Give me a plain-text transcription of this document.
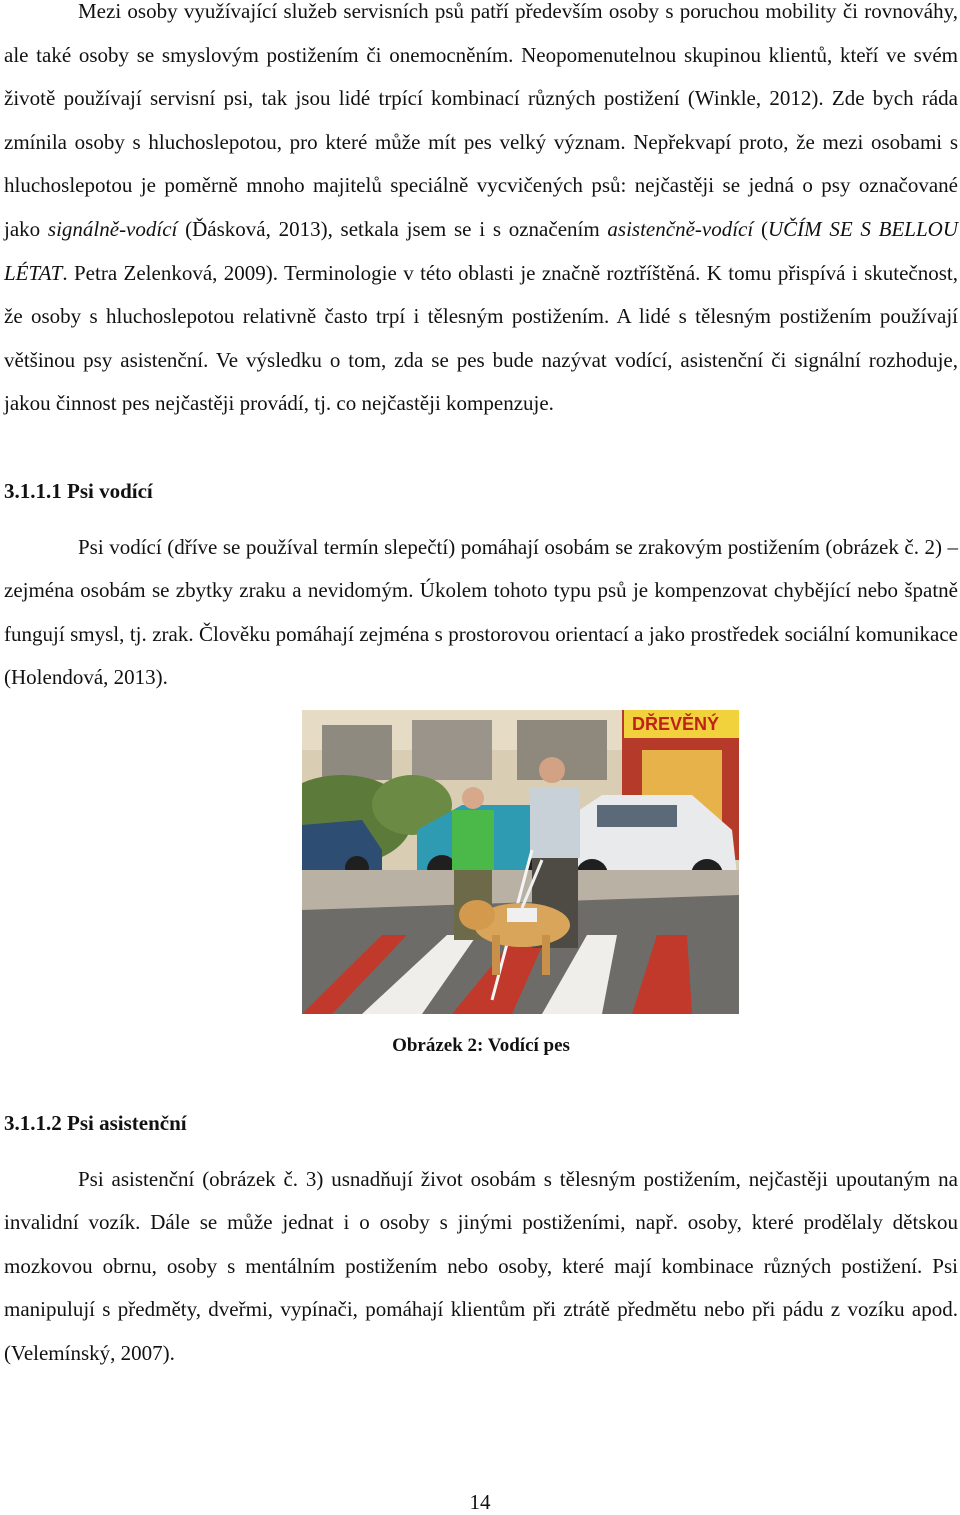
Mezi osoby využívající služeb servisních psů patří především osoby s poruchou mobility či rovnováhy, ale také osoby se smyslovým postižením či onemocněním. Neopomenutelnou skupinou klientů, kteří ve svém životě používají servisní psi, tak jsou lidé trpící kombinací různých postižení (Winkle, 2012). Zde bych ráda zmínila osoby s hluchoslepotou, pro které může mít pes velký význam. Nepřekvapí proto, že mezi osobami s hluchoslepotou je poměrně mnoho majitelů speciálně vycvičených psů: nejčastěji se jedná o psy označované jako signálně-vodící (Ďásková, 2013), setkala jsem se i s označením asistenčně-vodící (UČÍM SE S BELLOU LÉTAT. Petra Zelenková, 2009). Terminologie v této oblasti je značně roztříštěná. K tomu přispívá i skutečnost, že osoby s hluchoslepotou relativně často trpí i tělesným postižením. A lidé s tělesným postižením používají většinou psy asistenční. Ve výsledku o tom, zda se pes bude nazývat vodící, asistenční či signální rozhoduje, jakou činnost pes nejčastěji provádí, tj. co nejčastěji kompenzuje.

3.1.1.1 Psi vodící

Psi vodící (dříve se používal termín slepečtí) pomáhají osobám se zrakovým postižením (obrázek č. 2) – zejména osobám se zbytky zraku a nevidomým. Úkolem tohoto typu psů je kompenzovat chybějící nebo špatně fungují smysl, tj. zrak. Člověku pomáhají zejména s prostorovou orientací a jako prostředek sociální komunikace (Holendová, 2013).

DŘEVĚNÝ

Obrázek 2: Vodící pes

3.1.1.2 Psi asistenční

Psi asistenční (obrázek č. 3) usnadňují život osobám s tělesným postižením, nejčastěji upoutaným na invalidní vozík. Dále se může jednat i o osoby s jinými postiženími, např. osoby, které prodělaly dětskou mozkovou obrnu, osoby s mentálním postižením nebo osoby, které mají kombinace různých postižení. Psi manipulují s předměty, dveřmi, vypínači, pomáhají klientům při ztrátě předmětu nebo při pádu z vozíku apod. (Velemínský, 2007).

14
